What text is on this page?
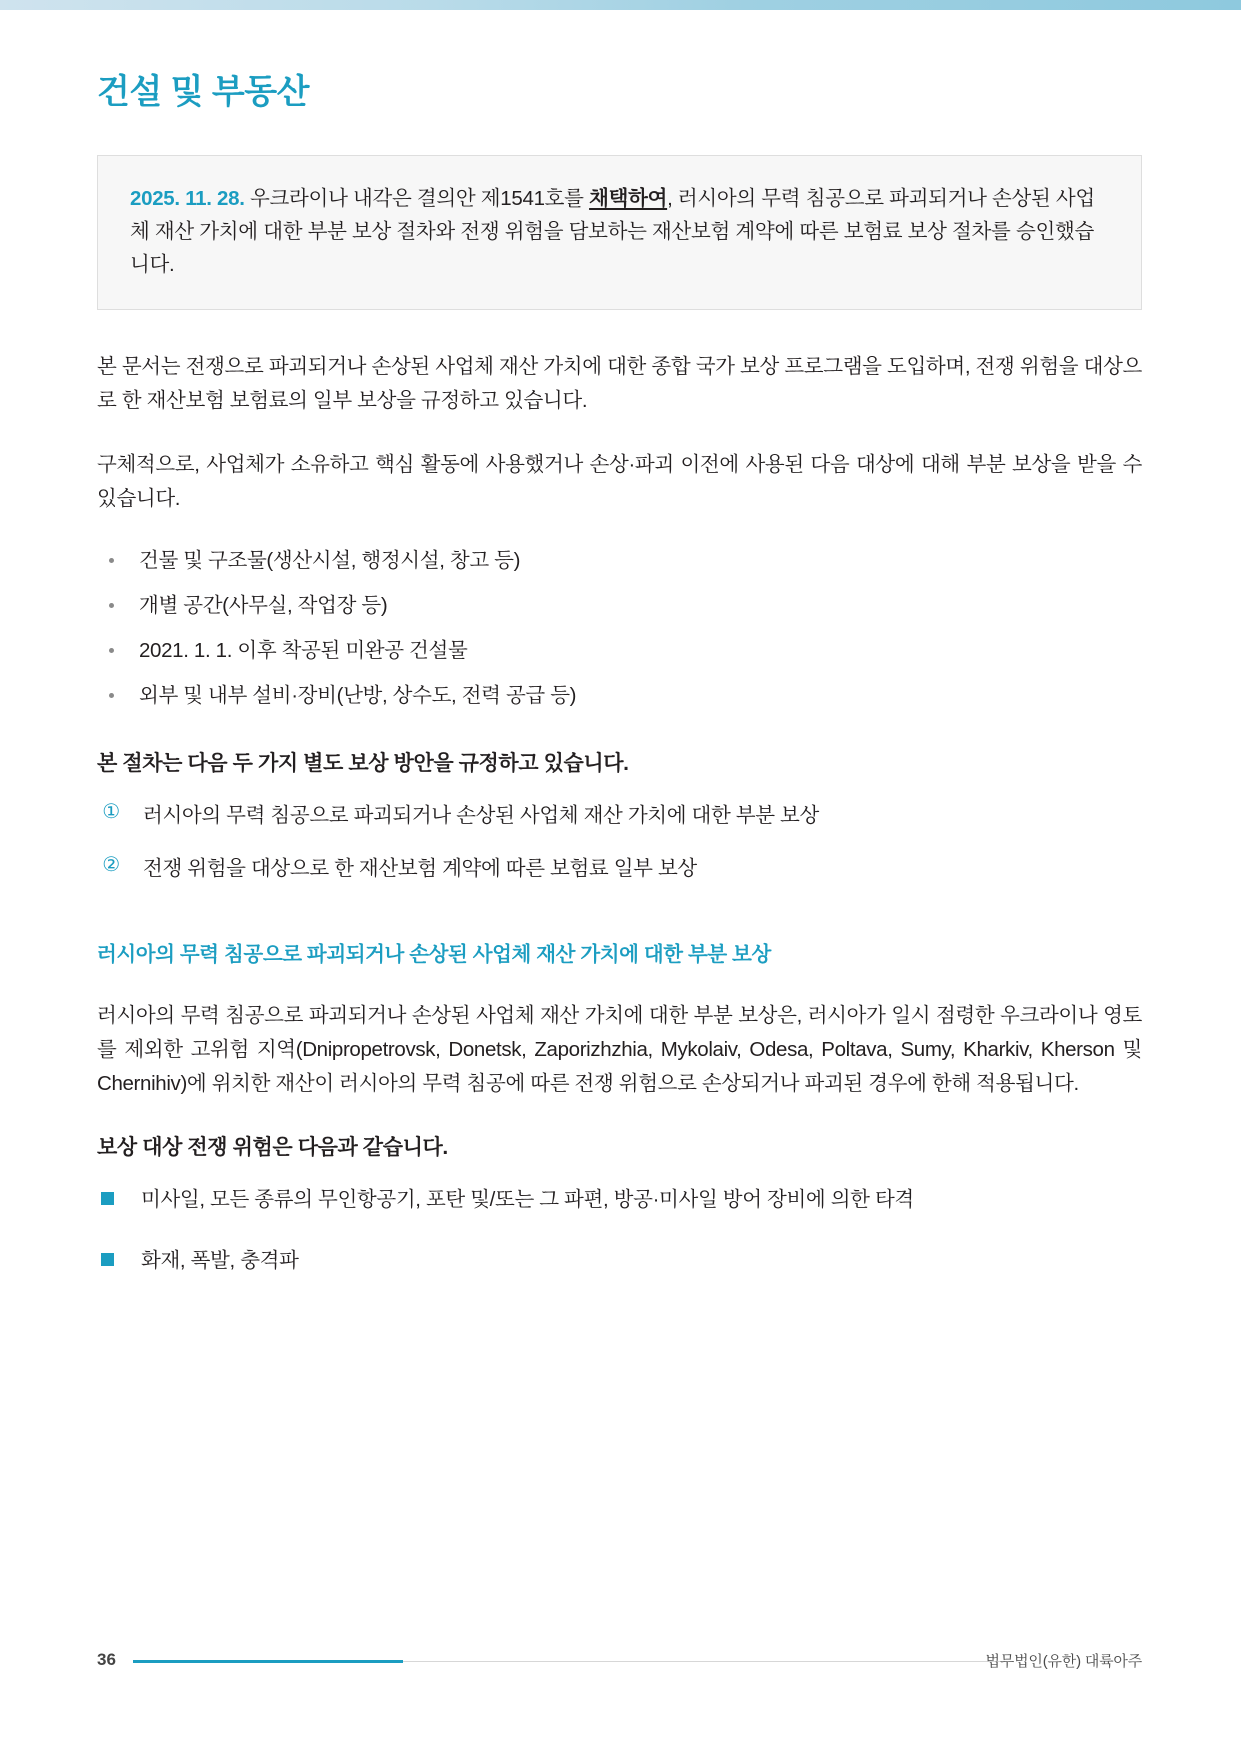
건설 및 부동산

2025. 11. 28. 우크라이나 내각은 결의안 제1541호를 채택하여, 러시아의 무력 침공으로 파괴되거나 손상된 사업체 재산 가치에 대한 부분 보상 절차와 전쟁 위험을 담보하는 재산보험 계약에 따른 보험료 보상 절차를 승인했습니다.

본 문서는 전쟁으로 파괴되거나 손상된 사업체 재산 가치에 대한 종합 국가 보상 프로그램을 도입하며, 전쟁 위험을 대상으로 한 재산보험 보험료의 일부 보상을 규정하고 있습니다.

구체적으로, 사업체가 소유하고 핵심 활동에 사용했거나 손상·파괴 이전에 사용된 다음 대상에 대해 부분 보상을 받을 수 있습니다.

건물 및 구조물(생산시설, 행정시설, 창고 등)
개별 공간(사무실, 작업장 등)
2021. 1. 1. 이후 착공된 미완공 건설물
외부 및 내부 설비·장비(난방, 상수도, 전력 공급 등)
본 절차는 다음 두 가지 별도 보상 방안을 규정하고 있습니다.
① 러시아의 무력 침공으로 파괴되거나 손상된 사업체 재산 가치에 대한 부분 보상
② 전쟁 위험을 대상으로 한 재산보험 계약에 따른 보험료 일부 보상
러시아의 무력 침공으로 파괴되거나 손상된 사업체 재산 가치에 대한 부분 보상

러시아의 무력 침공으로 파괴되거나 손상된 사업체 재산 가치에 대한 부분 보상은, 러시아가 일시 점령한 우크라이나 영토를 제외한 고위험 지역(Dnipropetrovsk, Donetsk, Zaporizhzhia, Mykolaiv, Odesa, Poltava, Sumy, Kharkiv, Kherson 및 Chernihiv)에 위치한 재산이 러시아의 무력 침공에 따른 전쟁 위험으로 손상되거나 파괴된 경우에 한해 적용됩니다.

보상 대상 전쟁 위험은 다음과 같습니다.
미사일, 모든 종류의 무인항공기, 포탄 및/또는 그 파편, 방공·미사일 방어 장비에 의한 타격
화재, 폭발, 충격파
36	법무법인(유한) 대륙아주
